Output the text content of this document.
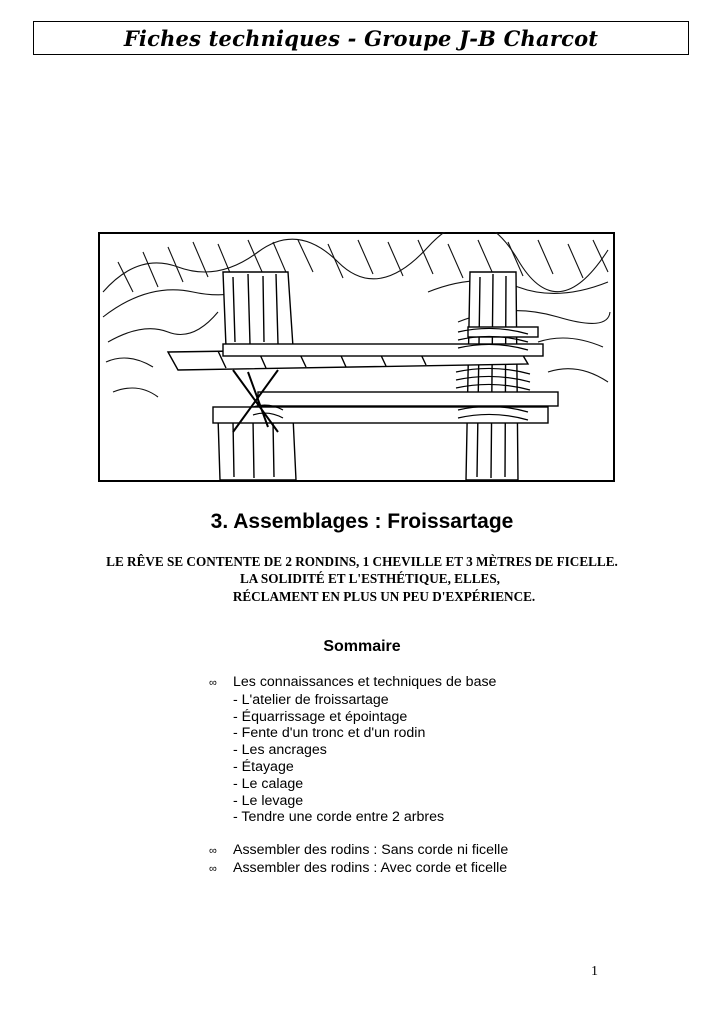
Fiches techniques - Groupe J-B Charcot
3. Assemblages : Froissartage
LE RÊVE SE CONTENTE DE 2 RONDINS, 1 CHEVILLE ET 3 MÈTRES DE FICELLE.
LA SOLIDITÉ ET L'ESTHÉTIQUE, ELLES,
RÉCLAMENT EN PLUS UN PEU D'EXPÉRIENCE.
Sommaire
∞	Les connaissances et techniques de base
- L'atelier de froissartage
- Équarrissage et épointage
- Fente d'un tronc et d'un rodin
- Les ancrages
- Étayage
- Le calage
- Le levage
- Tendre une corde entre 2 arbres
∞	Assembler des rodins : Sans corde ni ficelle
∞	Assembler des rodins : Avec corde et ficelle
1
